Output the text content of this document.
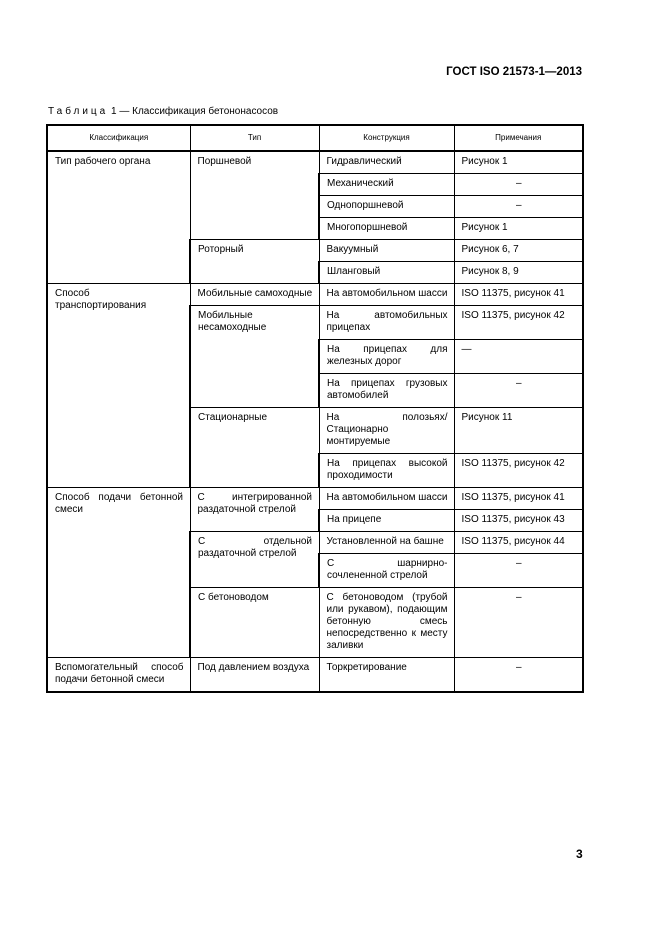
ГОСТ ISO 21573-1—2013
Таблица 1 — Классификация бетононасосов
Классификация	Тип	Конструкция	Примечания
Тип рабочего органа	Поршневой	Гидравлический	Рисунок 1
		Механический	–
		Однопоршневой	–
		Многопоршневой	Рисунок 1
	Роторный	Вакуумный	Рисунок 6, 7
		Шланговый	Рисунок 8, 9
Способ транспортирования	Мобильные самоходные	На автомобильном шасси	ISO 11375, рисунок 41
	Мобильные несамоходные	На автомобильных прицепах	ISO 11375, рисунок 42
		На прицепах для железных дорог	—
		На прицепах грузовых автомобилей	–
	Стационарные	На полозьях/ Стационарно монтируемые	Рисунок 11
		На прицепах высокой проходимости	ISO 11375, рисунок 42
Способ подачи бетонной смеси	С интегрированной раздаточной стрелой	На автомобильном шасси	ISO 11375, рисунок 41
		На прицепе	ISO 11375, рисунок 43
	С отдельной раздаточной стрелой	Установленной на башне	ISO 11375, рисунок 44
		С шарнирно-сочлененной стрелой	–
	С бетоноводом	С бетоноводом (трубой или рукавом), подающим бетонную смесь непосредственно к месту заливки	–
Вспомогательный способ подачи бетонной смеси	Под давлением воздуха	Торкретирование	–
3
